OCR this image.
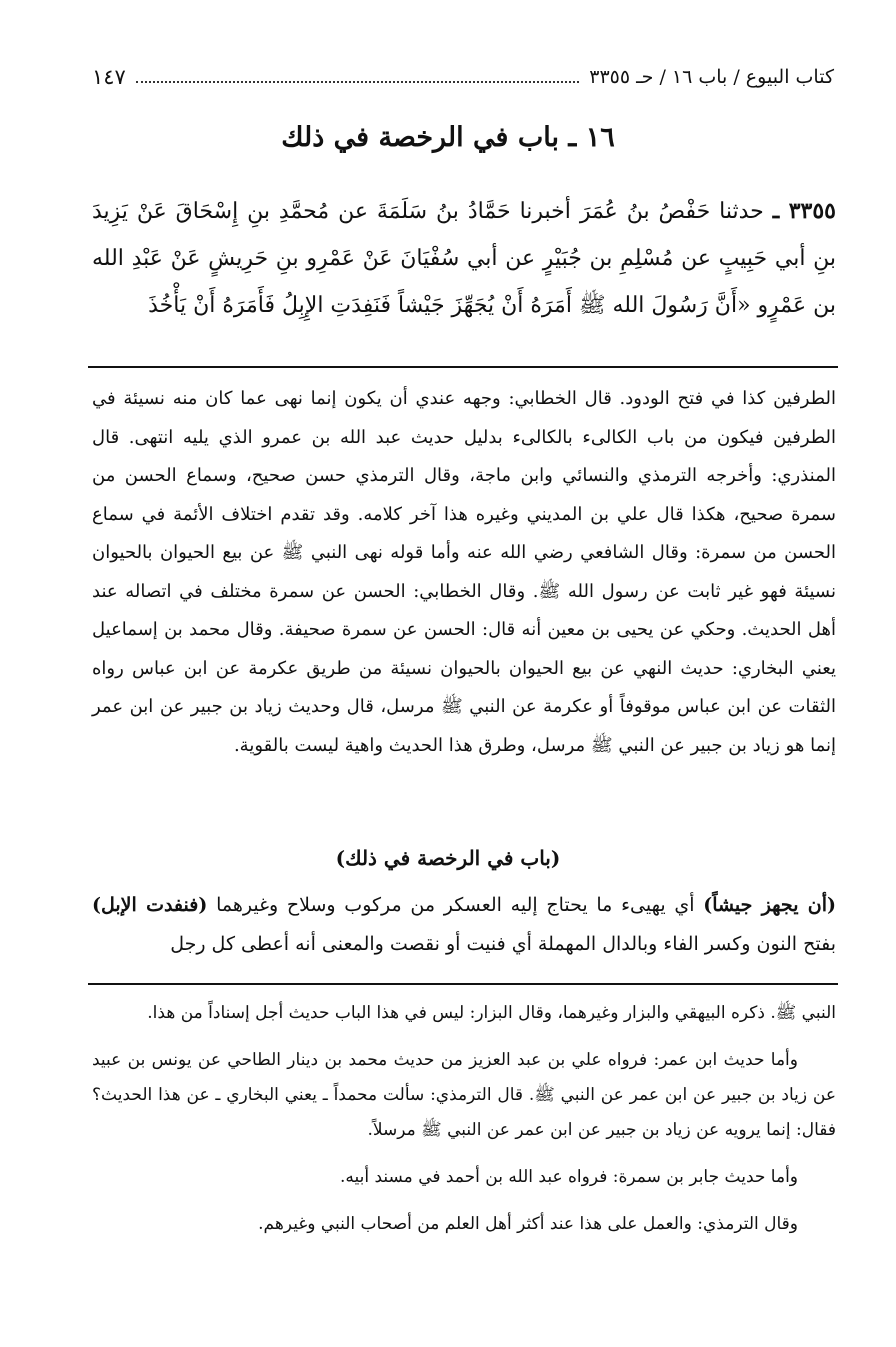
كتاب البيوع / باب ١٦ / حـ ٣٣٥٥
١٤٧
١٦ ـ باب في الرخصة في ذلك
٣٣٥٥ ـ حدثنا حَفْصُ بنُ عُمَرَ أخبرنا حَمَّادُ بنُ سَلَمَةَ عن مُحمَّدِ بنِ إِسْحَاقَ عَنْ يَزِيدَ بنِ أبي حَبِيبٍ عن مُسْلِمِ بن جُبَيْرٍ عن أبي سُفْيَانَ عَنْ عَمْرِو بنِ حَرِيشٍ عَنْ عَبْدِ الله بن عَمْرٍو «أَنَّ رَسُولَ الله ﷺ أَمَرَهُ أَنْ يُجَهِّزَ جَيْشاً فَنَفِدَتِ الإِبِلُ فَأَمَرَهُ أَنْ يَأْخُذَ
الطرفين كذا في فتح الودود. قال الخطابي: وجهه عندي أن يكون إنما نهى عما كان منه نسيئة في الطرفين فيكون من باب الكالىء بالكالىء بدليل حديث عبد الله بن عمرو الذي يليه انتهى. قال المنذري: وأخرجه الترمذي والنسائي وابن ماجة، وقال الترمذي حسن صحيح، وسماع الحسن من سمرة صحيح، هكذا قال علي بن المديني وغيره هذا آخر كلامه. وقد تقدم اختلاف الأئمة في سماع الحسن من سمرة: وقال الشافعي رضي الله عنه وأما قوله نهى النبي ﷺ عن بيع الحيوان بالحيوان نسيئة فهو غير ثابت عن رسول الله ﷺ. وقال الخطابي: الحسن عن سمرة مختلف في اتصاله عند أهل الحديث. وحكي عن يحيى بن معين أنه قال: الحسن عن سمرة صحيفة. وقال محمد بن إسماعيل يعني البخاري: حديث النهي عن بيع الحيوان بالحيوان نسيئة من طريق عكرمة عن ابن عباس رواه الثقات عن ابن عباس موقوفاً أو عكرمة عن النبي ﷺ مرسل، قال وحديث زياد بن جبير عن ابن عمر إنما هو زياد بن جبير عن النبي ﷺ مرسل، وطرق هذا الحديث واهية ليست بالقوية.
(باب في الرخصة في ذلك)
(أن يجهز جيشاً) أي يهيىء ما يحتاج إليه العسكر من مركوب وسلاح وغيرهما (فنفدت الإبل) بفتح النون وكسر الفاء وبالدال المهملة أي فنيت أو نقصت والمعنى أنه أعطى كل رجل

النبي ﷺ. ذكره البيهقي والبزار وغيرهما، وقال البزار: ليس في هذا الباب حديث أجل إسناداً من هذا.

وأما حديث ابن عمر: فرواه علي بن عبد العزيز من حديث محمد بن دينار الطاحي عن يونس بن عبيد عن زياد بن جبير عن ابن عمر عن النبي ﷺ. قال الترمذي: سألت محمداً ـ يعني البخاري ـ عن هذا الحديث؟ فقال: إنما يرويه عن زياد بن جبير عن ابن عمر عن النبي ﷺ مرسلاً.

وأما حديث جابر بن سمرة: فرواه عبد الله بن أحمد في مسند أبيه.

وقال الترمذي: والعمل على هذا عند أكثر أهل العلم من أصحاب النبي وغيرهم.
